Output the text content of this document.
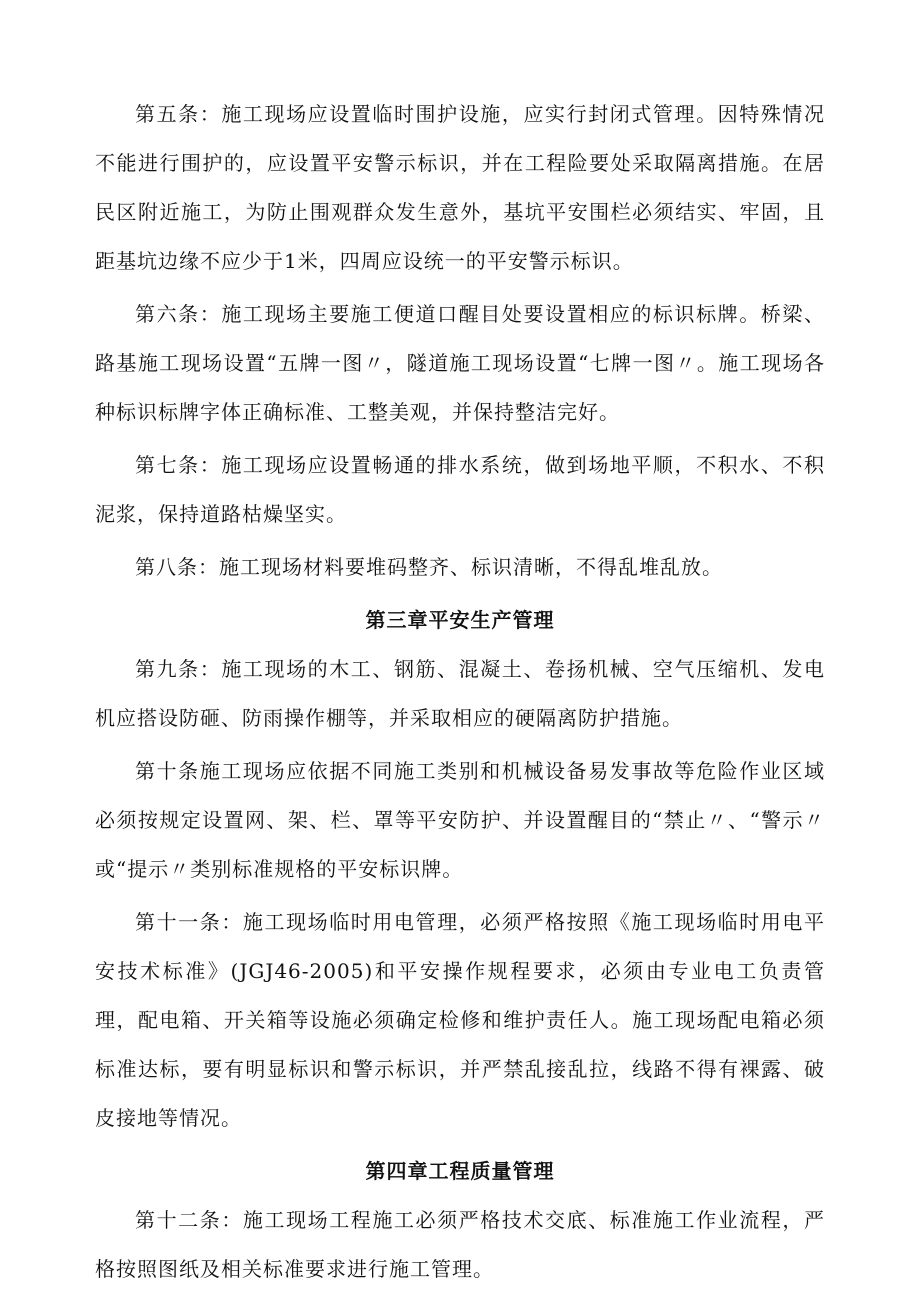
第五条：施工现场应设置临时围护设施，应实行封闭式管理。因特殊情况不能进行围护的，应设置平安警示标识，并在工程险要处采取隔离措施。在居民区附近施工，为防止围观群众发生意外，基坑平安围栏必须结实、牢固，且距基坑边缘不应少于1米，四周应设统一的平安警示标识。

第六条：施工现场主要施工便道口醒目处要设置相应的标识标牌。桥梁、路基施工现场设置“五牌一图〃，隧道施工现场设置“七牌一图〃。施工现场各种标识标牌字体正确标准、工整美观，并保持整洁完好。

第七条：施工现场应设置畅通的排水系统，做到场地平顺，不积水、不积泥浆，保持道路枯燥坚实。

第八条：施工现场材料要堆码整齐、标识清晰，不得乱堆乱放。

第三章平安生产管理

第九条：施工现场的木工、钢筋、混凝土、卷扬机械、空气压缩机、发电机应搭设防砸、防雨操作棚等，并采取相应的硬隔离防护措施。

第十条施工现场应依据不同施工类别和机械设备易发事故等危险作业区域必须按规定设置网、架、栏、罩等平安防护、并设置醒目的“禁止〃、“警示〃或“提示〃类别标准规格的平安标识牌。

第十一条：施工现场临时用电管理，必须严格按照《施工现场临时用电平安技术标准》(JGJ46-2005)和平安操作规程要求，必须由专业电工负责管理，配电箱、开关箱等设施必须确定检修和维护责任人。施工现场配电箱必须标准达标，要有明显标识和警示标识，并严禁乱接乱拉，线路不得有裸露、破皮接地等情况。

第四章工程质量管理

第十二条：施工现场工程施工必须严格技术交底、标准施工作业流程，严格按照图纸及相关标准要求进行施工管理。
